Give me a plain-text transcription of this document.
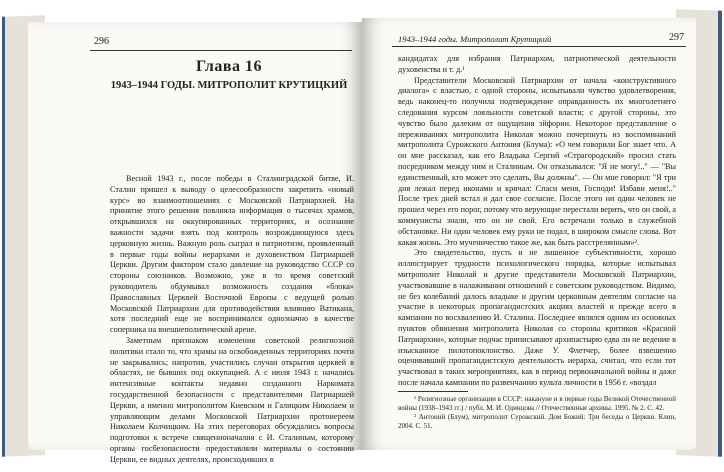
296
Глава 16
1943–1944 ГОДЫ. МИТРОПОЛИТ КРУТИЦКИЙ

Весной 1943 г., после победы в Сталинградской битве, И. Сталин пришел к выводу о целесообразности закрепить «новый курс» во взаимоотношениях с Московской Патриархией. На принятие этого решения повлияла информация о тысячах храмов, открывшихся на оккупированных территориях, и осознание важности задачи взять под контроль возрождающуюся здесь церковную жизнь. Важную роль сыграл и патриотизм, проявленный в первые годы войны иерархами и духовенством Патриаршей Церкви. Другим фактором стало давление на руководство СССР со стороны союзников. Возможно, уже в то время советский руководитель обдумывал возможность создания «блока» Православных Церквей Восточной Европы с ведущей ролью Московской Патриархии для противодействия влиянию Ватикана, хотя последний еще не воспринимался однозначно в качестве соперника на внешнеполитической арене.

Заметным признаком изменения советской религиозной политики стало то, что храмы на освобожденных территориях почти не закрывались; напротив, участились случаи открытия церквей в областях, не бывших под оккупацией. А с июля 1943 г. начались интенсивные контакты недавно созданного Наркомата государственной безопасности с представителями Патриаршей Церкви, а именно митрополитом Киевским и Галицким Николаем и управляющим делами Московской Патриархии протоиереем Николаем Колчицким. На этих переговорах обсуждались вопросы подготовки к встрече священноначалия с И. Сталиным, которому органы госбезопасности предоставляли материалы о состоянии Церкви, ее видных деятелях, происходивших в

1943–1944 годы. Митрополит Крутицкий	297

кандидатах для избрания Патриархом, патриотической деятельности духовенства и т. д.¹

Представители Московской Патриархии от начала «конструктивного диалога» с властью, с одной стороны, испытывали чувство удовлетворения, ведь наконец-то получила подтверждение оправданность их многолетнего следования курсом лояльности советской власти; с другой стороны, это чувство было далеким от ощущения эйфории. Некоторое представление о переживаниях митрополита Николая можно почерпнуть из воспоминаний митрополита Сурожского Антония (Блума): «О чем говорили Бог знает что. А он мне рассказал, как его Владыка Сергий «Страгородский» просил стать посредником между ним и Сталиным. Он отказывался: "Я не могу!.." — "Вы единственный, кто может это сделать, Вы должны". — Он мне говорил: "Я три дня лежал перед иконами и кричал: Спаси меня, Господи! Избави меня!.." После трех дней встал и дал свое согласие. После этого ни один человек не прошел через его порог, потому что верующие перестали верить, что он свой, а коммунисты знали, что он не свой. Его встречали только в служебной обстановке. Ни один человек ему руки не подал, в широком смысле слова. Вот какая жизнь. Это мученичество такое же, как быть расстрелянным»².

Это свидетельство, пусть и не лишенное субъективности, хорошо иллюстрирует трудности психологического порядка, которые испытывал митрополит Николай и другие представители Московской Патриархии, участвовавшие в налаживании отношений с советским руководством. Видимо, не без колебаний далось владыке и другим церковным деятелям согласие на участие в некоторых пропагандистских акциях властей и прежде всего в кампании по восхвалению И. Сталина. Последнее являлся одним из основных пунктов обвинения митрополита Николая со стороны критиков «Красной Патриархии», которые подчас приписывают архипастырю едва ли не ведение в изысканное пилотопоклонство. Даже У. Флетчер, более взвешенно оценивавший пропагандистскую деятельность иерарха, считал, что если тот участвовал в таких мероприятиях, как в период первоначальной войны и даже после начала кампании по развенчанию культа личности в 1956 г. «воздал

¹ Религиозные организации в СССР: накануне и в первые годы Великой Отечественной войны (1938–1943 гг.) / публ. М. И. Одинцова // Отечественные архивы. 1995. № 2. С. 42.

² Антоний (Блум), митрополит Сурожский. Дом Божий: Три беседы о Церкви. Клин, 2004. С. 51.
